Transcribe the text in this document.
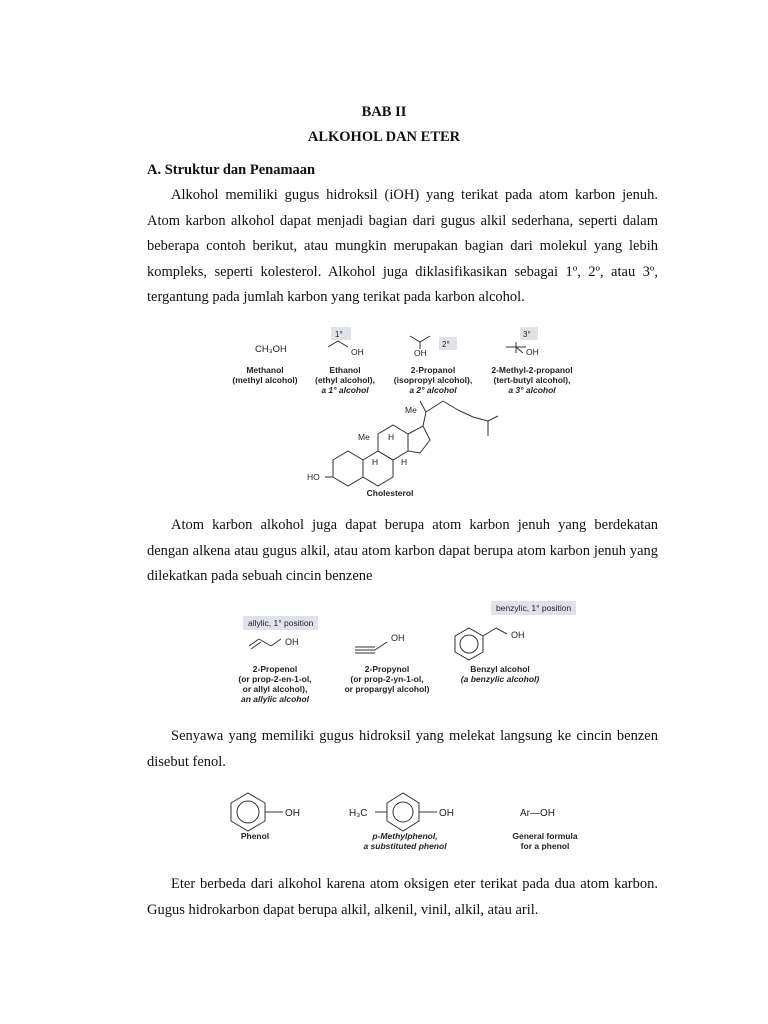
BAB II
ALKOHOL DAN ETER
A. Struktur dan Penamaan
Alkohol memiliki gugus hidroksil (iOH) yang terikat pada atom karbon jenuh. Atom karbon alkohol dapat menjadi bagian dari gugus alkil sederhana, seperti dalam beberapa contoh berikut, atau mungkin merupakan bagian dari molekul yang lebih kompleks, seperti kolesterol. Alkohol juga diklasifikasikan sebagai 1º, 2º, atau 3º, tergantung pada jumlah karbon yang terikat pada karbon alcohol.
CH₃OH
1°
OH	OH
2°
3°
OH
Me
Me H
H	H
HO
Methanol
(methyl alcohol)
Ethanol
(ethyl alcohol),
a 1° alcohol
2-Propanol
(isopropyl alcohol),
a 2° alcohol
2-Methyl-2-propanol
(tert-butyl alcohol),
a 3° alcohol
Cholesterol
Atom karbon alkohol juga dapat berupa atom karbon jenuh yang berdekatan dengan alkena atau gugus alkil, atau atom karbon dapat berupa atom karbon jenuh yang dilekatkan pada sebuah cincin benzene
allylic, 1° position
benzylic, 1° position
OH	OH	OH
2-Propenol
(or prop-2-en-1-ol,
or allyl alcohol),
an allylic alcohol
2-Propynol
(or prop-2-yn-1-ol,
or propargyl alcohol)
Benzyl alcohol
(a benzylic alcohol)
Senyawa yang memiliki gugus hidroksil yang melekat langsung ke cincin benzen disebut fenol.
OH	H₃C	OH	Ar—OH
Phenol	p-Methylphenol,
a substituted phenol
General formula
for a phenol
Eter berbeda dari alkohol karena atom oksigen eter terikat pada dua atom karbon. Gugus hidrokarbon dapat berupa alkil, alkenil, vinil, alkil, atau aril.
